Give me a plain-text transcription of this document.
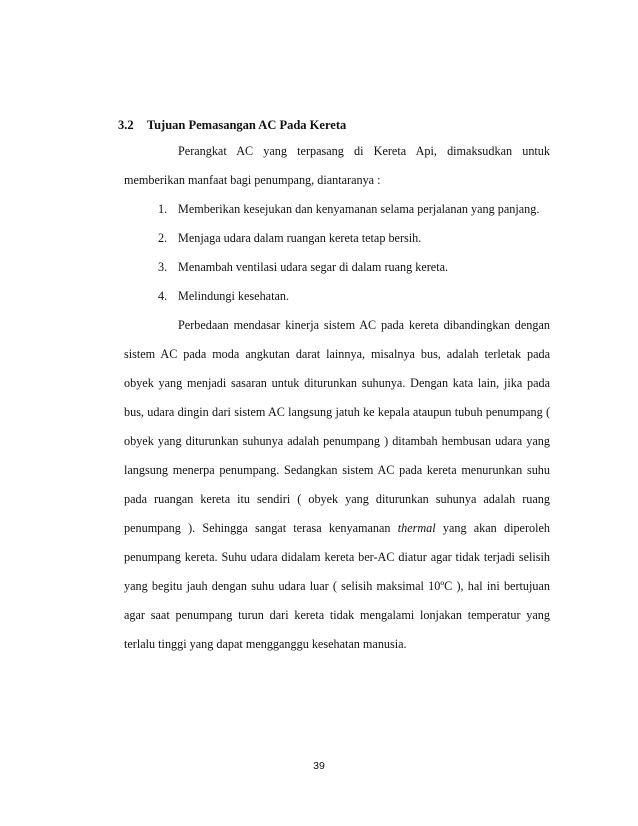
3.2 Tujuan Pemasangan AC Pada Kereta

Perangkat AC yang terpasang di Kereta Api, dimaksudkan untuk memberikan manfaat bagi penumpang, diantaranya :

1. Memberikan kesejukan dan kenyamanan selama perjalanan yang panjang.
2. Menjaga udara dalam ruangan kereta tetap bersih.
3. Menambah ventilasi udara segar di dalam ruang kereta.
4. Melindungi kesehatan.

Perbedaan mendasar kinerja sistem AC pada kereta dibandingkan dengan sistem AC pada moda angkutan darat lainnya, misalnya bus, adalah terletak pada obyek yang menjadi sasaran untuk diturunkan suhunya. Dengan kata lain, jika pada bus, udara dingin dari sistem AC langsung jatuh ke kepala ataupun tubuh penumpang ( obyek yang diturunkan suhunya adalah penumpang ) ditambah hembusan udara yang langsung menerpa penumpang. Sedangkan sistem AC pada kereta menurunkan suhu pada ruangan kereta itu sendiri ( obyek yang diturunkan suhunya adalah ruang penumpang ). Sehingga sangat terasa kenyamanan thermal yang akan diperoleh penumpang kereta. Suhu udara didalam kereta ber-AC diatur agar tidak terjadi selisih yang begitu jauh dengan suhu udara luar ( selisih maksimal 10ºC ), hal ini bertujuan agar saat penumpang turun dari kereta tidak mengalami lonjakan temperatur yang terlalu tinggi yang dapat mengganggu kesehatan manusia.

39
